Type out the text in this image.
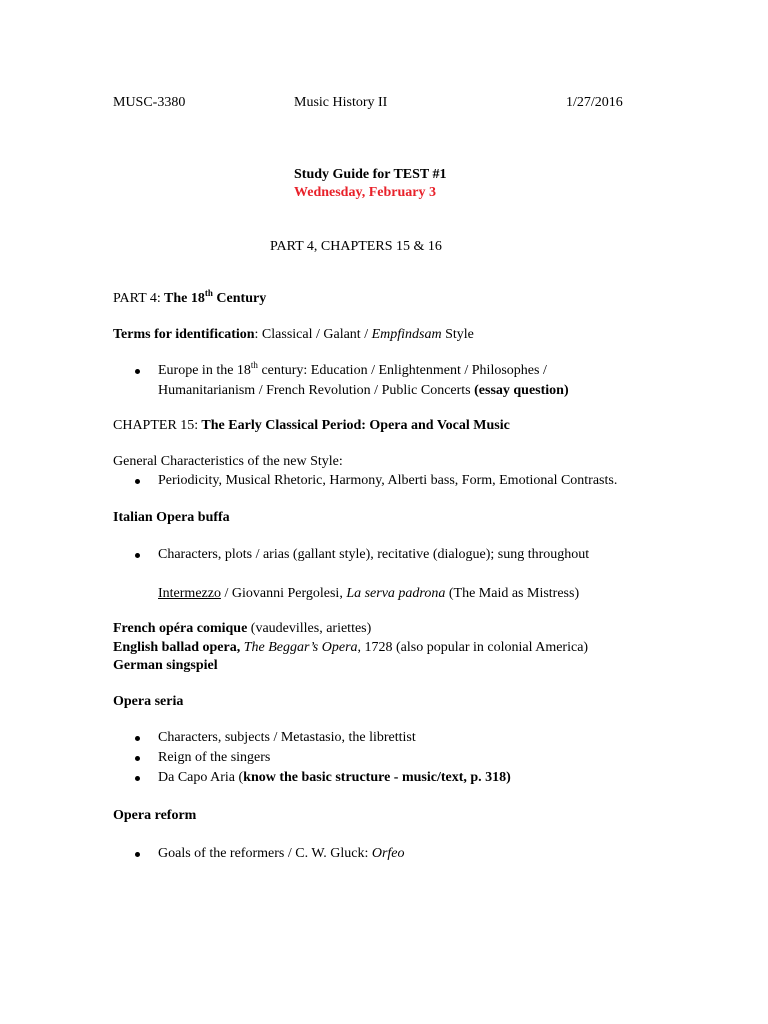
MUSC-3380	Music History II	1/27/2016
Study Guide for TEST #1
Wednesday, February 3
PART 4, CHAPTERS 15 & 16
PART 4: The 18th Century
Terms for identification: Classical / Galant / Empfindsam Style
Europe in the 18th century: Education / Enlightenment / Philosophes /
Humanitarianism / French Revolution / Public Concerts (essay question)
CHAPTER 15: The Early Classical Period: Opera and Vocal Music
General Characteristics of the new Style:
Periodicity, Musical Rhetoric, Harmony, Alberti bass, Form, Emotional Contrasts.
Italian Opera buffa
Characters, plots / arias (gallant style), recitative (dialogue); sung throughout
Intermezzo / Giovanni Pergolesi, La serva padrona (The Maid as Mistress)
French opéra comique (vaudevilles, ariettes)
English ballad opera, The Beggar’s Opera, 1728 (also popular in colonial America)
German singspiel
Opera seria
Characters, subjects / Metastasio, the librettist
Reign of the singers
Da Capo Aria (know the basic structure - music/text, p. 318)
Opera reform
Goals of the reformers / C. W. Gluck: Orfeo
